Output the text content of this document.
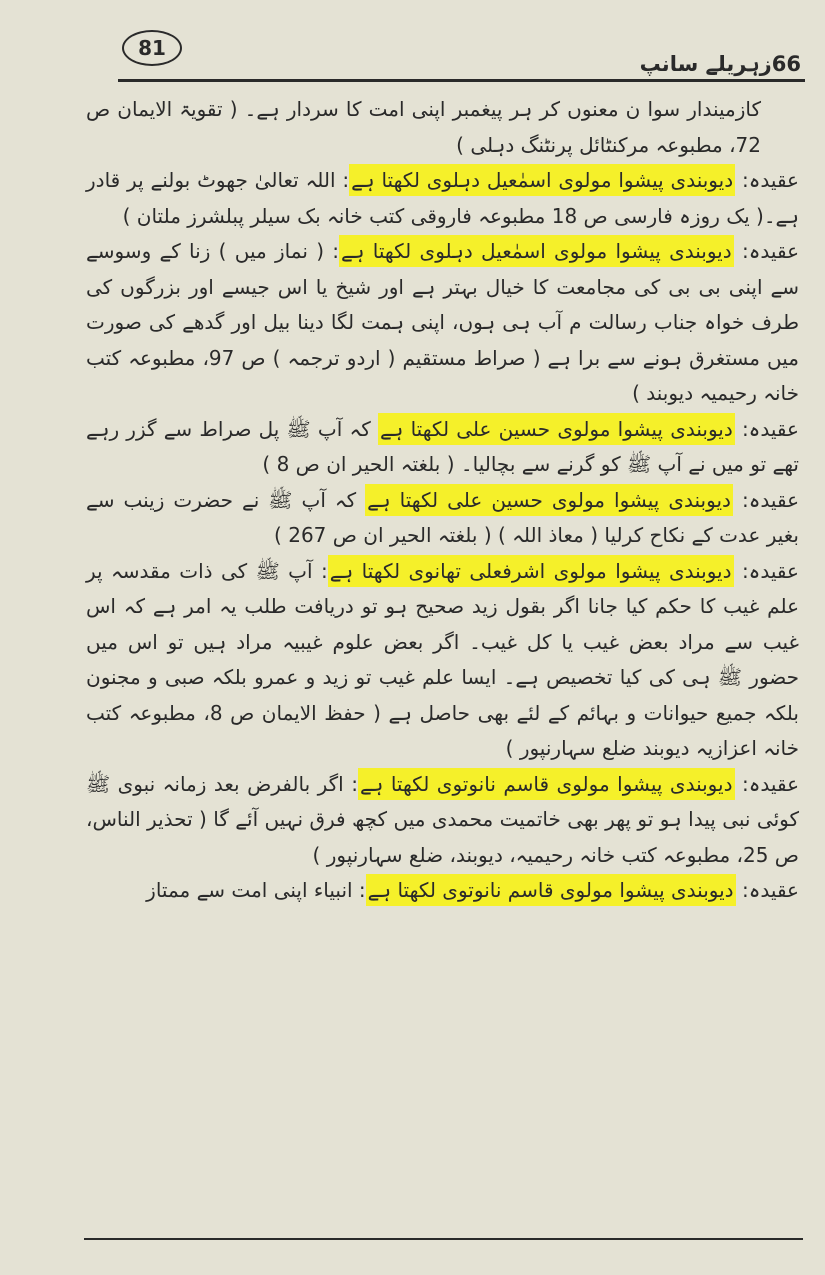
81
66زہریلے سانپ

کازمیندار سوا ن معنوں کر ہر پیغمبر اپنی امت کا سردار ہے۔ ( تقویۃ الایمان ص 72، مطبوعہ مرکنٹائل پرنٹنگ دہلی )

عقیدہ: دیوبندی پیشوا مولوی اسمٰعیل دہلوی لکھتا ہے: اللہ تعالیٰ جھوٹ بولنے پر قادر ہے۔( یک روزہ فارسی ص 18 مطبوعہ فاروقی کتب خانہ بک سیلر پبلشرز ملتان )

عقیدہ: دیوبندی پیشوا مولوی اسمٰعیل دہلوی لکھتا ہے: ( نماز میں ) زنا کے وسوسے سے اپنی بی بی کی مجامعت کا خیال بہتر ہے اور شیخ یا اس جیسے اور بزرگوں کی طرف خواہ جناب رسالت م آب ہی ہوں، اپنی ہمت لگا دینا بیل اور گدھے کی صورت میں مستغرق ہونے سے برا ہے ( صراط مستقیم ( اردو ترجمہ ) ص 97، مطبوعہ کتب خانہ رحیمیہ دیوبند )

عقیدہ: دیوبندی پیشوا مولوی حسین علی لکھتا ہے کہ آپ ﷺ پل صراط سے گزر رہے تھے تو میں نے آپ ﷺ کو گرنے سے بچالیا۔ ( بلغتہ الحیر ان ص 8 )

عقیدہ: دیوبندی پیشوا مولوی حسین علی لکھتا ہے کہ آپ ﷺ نے حضرت زینب سے بغیر عدت کے نکاح کرلیا ( معاذ اللہ ) ( بلغتہ الحیر ان ص 267 )

عقیدہ: دیوبندی پیشوا مولوی اشرفعلی تھانوی لکھتا ہے: آپ ﷺ کی ذات مقدسہ پر علم غیب کا حکم کیا جانا اگر بقول زید صحیح ہو تو دریافت طلب یہ امر ہے کہ اس غیب سے مراد بعض غیب یا کل غیب۔ اگر بعض علوم غیبیہ مراد ہیں تو اس میں حضور ﷺ ہی کی کیا تخصیص ہے۔ ایسا علم غیب تو زید و عمرو بلکہ صبی و مجنون بلکہ جمیع حیوانات و بہائم کے لئے بھی حاصل ہے ( حفظ الایمان ص 8، مطبوعہ کتب خانہ اعزازیہ دیوبند ضلع سہارنپور )

عقیدہ: دیوبندی پیشوا مولوی قاسم نانوتوی لکھتا ہے: اگر بالفرض بعد زمانہ نبوی ﷺ کوئی نبی پیدا ہو تو پھر بھی خاتمیت محمدی میں کچھ فرق نہیں آئے گا ( تحذیر الناس، ص 25، مطبوعہ کتب خانہ رحیمیہ، دیوبند، ضلع سہارنپور )

عقیدہ: دیوبندی پیشوا مولوی قاسم نانوتوی لکھتا ہے: انبیاء اپنی امت سے ممتاز
